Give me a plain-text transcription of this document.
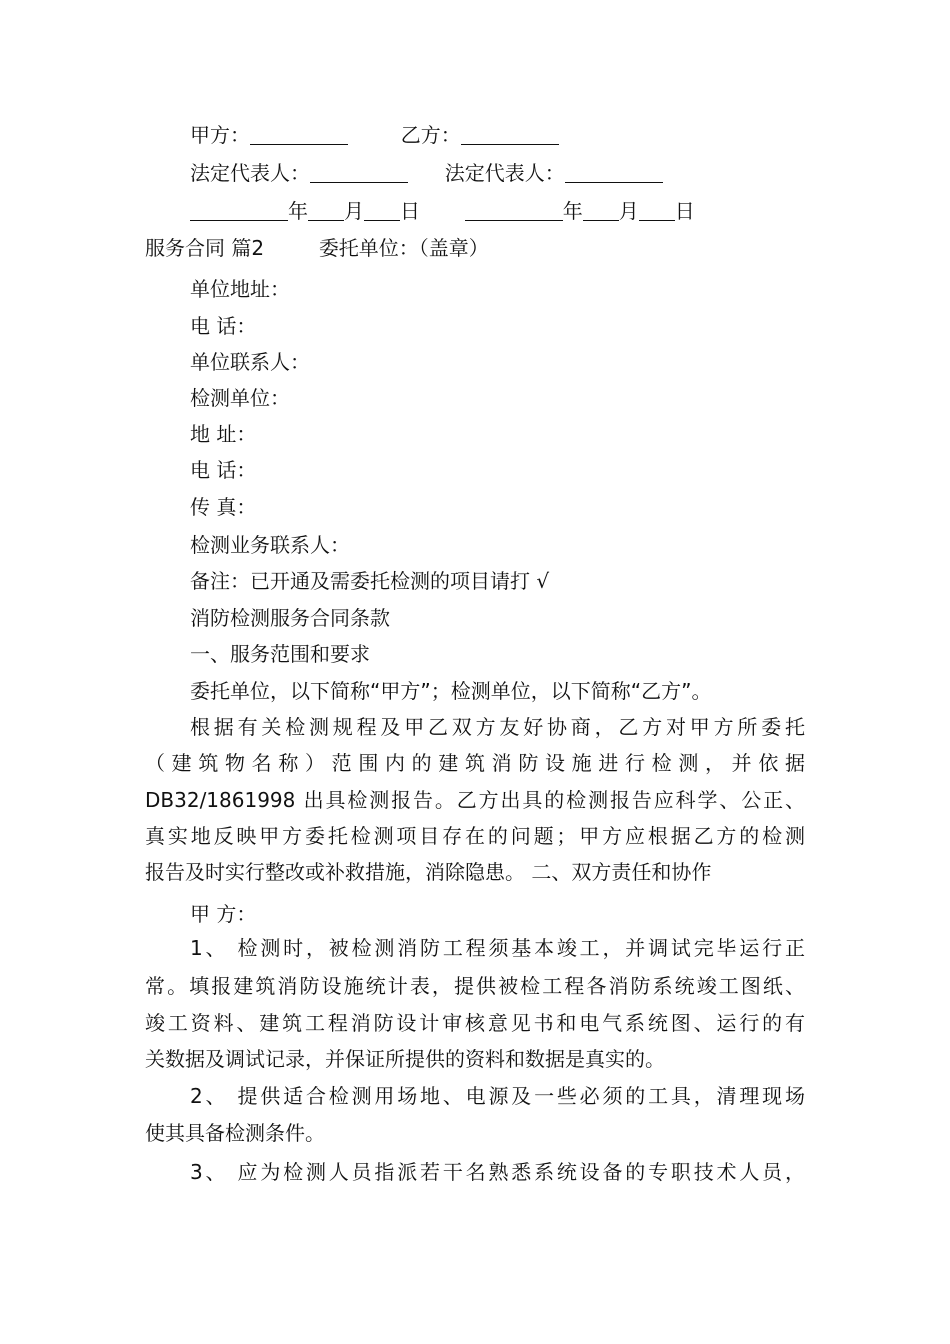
甲方：	乙方：
法定代表人：	法定代表人：
年 月 日	年 月 日
服务合同 篇2	委托单位：（盖章）
单位地址：
电 话：
单位联系人：
检测单位：
地 址：
电 话：
传 真：
检测业务联系人：
备注：已开通及需委托检测的项目请打 √
消防检测服务合同条款
一、服务范围和要求
委托单位，以下简称“甲方”；检测单位，以下简称“乙方”。
根据有关检测规程及甲乙双方友好协商，乙方对甲方所委托
（建筑物名称）范围内的建筑消防设施进行检测，并依据
DB32/1861998 出具检测报告。乙方出具的检测报告应科学、公正、
真实地反映甲方委托检测项目存在的问题；甲方应根据乙方的检测
报告及时实行整改或补救措施，消除隐患。 二、双方责任和协作
甲 方：
1、 检测时，被检测消防工程须基本竣工，并调试完毕运行正
常。填报建筑消防设施统计表，提供被检工程各消防系统竣工图纸、
竣工资料、建筑工程消防设计审核意见书和电气系统图、运行的有
关数据及调试记录，并保证所提供的资料和数据是真实的。
2、 提供适合检测用场地、电源及一些必须的工具，清理现场
使其具备检测条件。
3、 应为检测人员指派若干名熟悉系统设备的专职技术人员，
